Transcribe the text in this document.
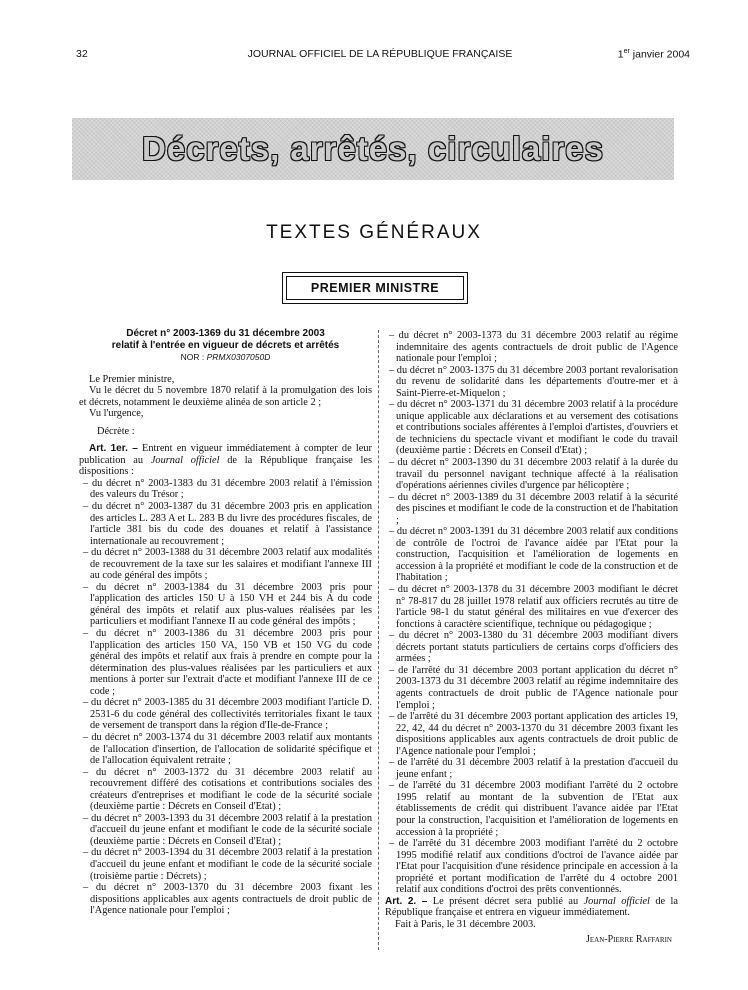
32	JOURNAL OFFICIEL DE LA RÉPUBLIQUE FRANÇAISE	1er janvier 2004
Décrets, arrêtés, circulaires
TEXTES GÉNÉRAUX
PREMIER MINISTRE
Décret n° 2003-1369 du 31 décembre 2003
relatif à l'entrée en vigueur de décrets et arrêtés
NOR : PRMX0307050D

Le Premier ministre,

Vu le décret du 5 novembre 1870 relatif à la promulgation des lois et décrets, notamment le deuxième alinéa de son article 2 ;

Vu l'urgence,

Décrète :

Art. 1er. – Entrent en vigueur immédiatement à compter de leur publication au Journal officiel de la République française les dispositions :

– du décret n° 2003-1383 du 31 décembre 2003 relatif à l'émission des valeurs du Trésor ;
– du décret n° 2003-1387 du 31 décembre 2003 pris en application des articles L. 283 A et L. 283 B du livre des procédures fiscales, de l'article 381 bis du code des douanes et relatif à l'assistance internationale au recouvrement ;
– du décret n° 2003-1388 du 31 décembre 2003 relatif aux modalités de recouvrement de la taxe sur les salaires et modifiant l'annexe III au code général des impôts ;
– du décret n° 2003-1384 du 31 décembre 2003 pris pour l'application des articles 150 U à 150 VH et 244 bis A du code général des impôts et relatif aux plus-values réalisées par les particuliers et modifiant l'annexe II au code général des impôts ;
– du décret n° 2003-1386 du 31 décembre 2003 pris pour l'application des articles 150 VA, 150 VB et 150 VG du code général des impôts et relatif aux frais à prendre en compte pour la détermination des plus-values réalisées par les particuliers et aux mentions à porter sur l'extrait d'acte et modifiant l'annexe III de ce code ;
– du décret n° 2003-1385 du 31 décembre 2003 modifiant l'article D. 2531-6 du code général des collectivités territoriales fixant le taux de versement de transport dans la région d'Ile-de-France ;
– du décret n° 2003-1374 du 31 décembre 2003 relatif aux montants de l'allocation d'insertion, de l'allocation de solidarité spécifique et de l'allocation équivalent retraite ;
– du décret n° 2003-1372 du 31 décembre 2003 relatif au recouvrement différé des cotisations et contributions sociales des créateurs d'entreprises et modifiant le code de la sécurité sociale (deuxième partie : Décrets en Conseil d'Etat) ;
– du décret n° 2003-1393 du 31 décembre 2003 relatif à la prestation d'accueil du jeune enfant et modifiant le code de la sécurité sociale (deuxième partie : Décrets en Conseil d'Etat) ;
– du décret n° 2003-1394 du 31 décembre 2003 relatif à la prestation d'accueil du jeune enfant et modifiant le code de la sécurité sociale (troisième partie : Décrets) ;
– du décret n° 2003-1370 du 31 décembre 2003 fixant les dispositions applicables aux agents contractuels de droit public de l'Agence nationale pour l'emploi ;
– du décret n° 2003-1373 du 31 décembre 2003 relatif au régime indemnitaire des agents contractuels de droit public de l'Agence nationale pour l'emploi ;
– du décret n° 2003-1375 du 31 décembre 2003 portant revalorisation du revenu de solidarité dans les départements d'outre-mer et à Saint-Pierre-et-Miquelon ;
– du décret n° 2003-1371 du 31 décembre 2003 relatif à la procédure unique applicable aux déclarations et au versement des cotisations et contributions sociales afférentes à l'emploi d'artistes, d'ouvriers et de techniciens du spectacle vivant et modifiant le code du travail (deuxième partie : Décrets en Conseil d'Etat) ;
– du décret n° 2003-1390 du 31 décembre 2003 relatif à la durée du travail du personnel navigant technique affecté à la réalisation d'opérations aériennes civiles d'urgence par hélicoptère ;
– du décret n° 2003-1389 du 31 décembre 2003 relatif à la sécurité des piscines et modifiant le code de la construction et de l'habitation ;
– du décret n° 2003-1391 du 31 décembre 2003 relatif aux conditions de contrôle de l'octroi de l'avance aidée par l'Etat pour la construction, l'acquisition et l'amélioration de logements en accession à la propriété et modifiant le code de la construction et de l'habitation ;
– du décret n° 2003-1378 du 31 décembre 2003 modifiant le décret n° 78-817 du 28 juillet 1978 relatif aux officiers recrutés au titre de l'article 98-1 du statut général des militaires en vue d'exercer des fonctions à caractère scientifique, technique ou pédagogique ;
– du décret n° 2003-1380 du 31 décembre 2003 modifiant divers décrets portant statuts particuliers de certains corps d'officiers des armées ;
– de l'arrêté du 31 décembre 2003 portant application du décret n° 2003-1373 du 31 décembre 2003 relatif au régime indemnitaire des agents contractuels de droit public de l'Agence nationale pour l'emploi ;
– de l'arrêté du 31 décembre 2003 portant application des articles 19, 22, 42, 44 du décret n° 2003-1370 du 31 décembre 2003 fixant les dispositions applicables aux agents contractuels de droit public de l'Agence nationale pour l'emploi ;
– de l'arrêté du 31 décembre 2003 relatif à la prestation d'accueil du jeune enfant ;
– de l'arrêté du 31 décembre 2003 modifiant l'arrêté du 2 octobre 1995 relatif au montant de la subvention de l'Etat aux établissements de crédit qui distribuent l'avance aidée par l'Etat pour la construction, l'acquisition et l'amélioration de logements en accession à la propriété ;
– de l'arrêté du 31 décembre 2003 modifiant l'arrêté du 2 octobre 1995 modifié relatif aux conditions d'octroi de l'avance aidée par l'Etat pour l'acquisition d'une résidence principale en accession à la propriété et portant modification de l'arrêté du 4 octobre 2001 relatif aux conditions d'octroi des prêts conventionnés.

Art. 2. – Le présent décret sera publié au Journal officiel de la République française et entrera en vigueur immédiatement.

Fait à Paris, le 31 décembre 2003.

Jean-Pierre Raffarin
